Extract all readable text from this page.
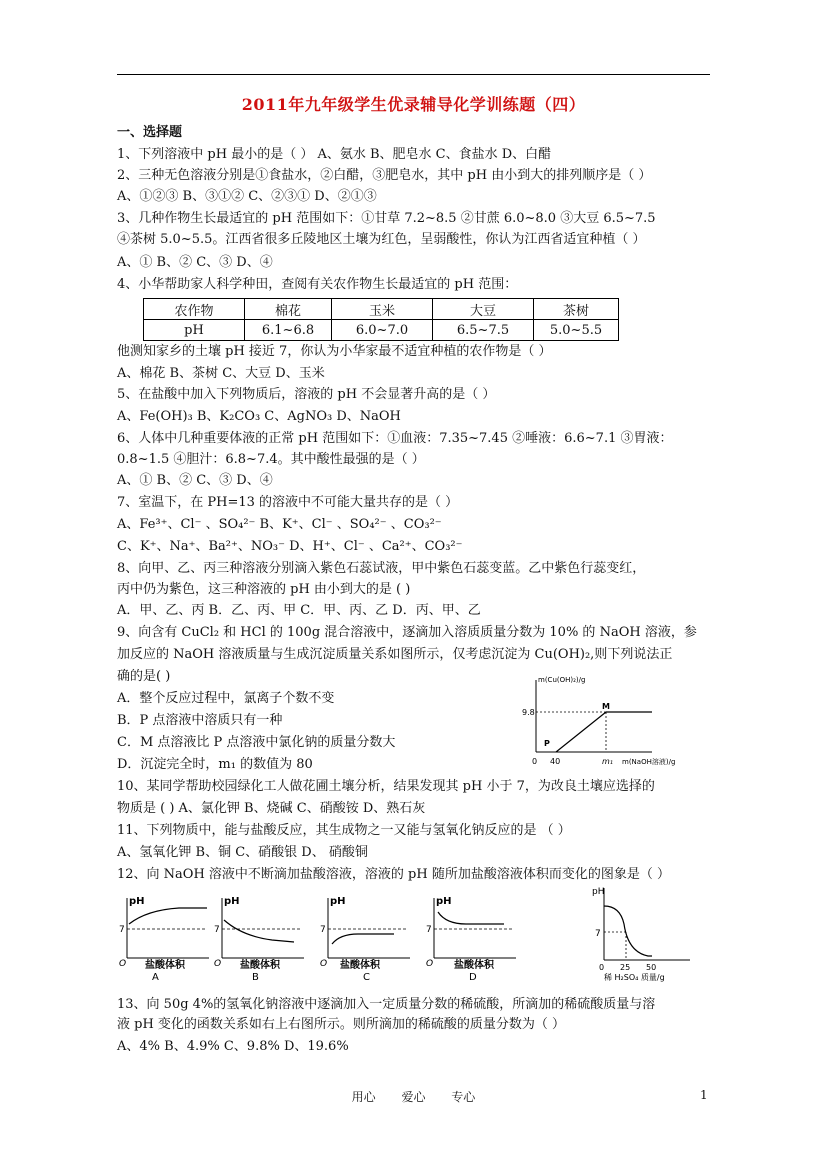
2011年九年级学生优录辅导化学训练题（四）
一、选择题
1、下列溶液中 pH 最小的是（ ） A、氨水 B、肥皂水 C、食盐水 D、白醋
2、三种无色溶液分别是①食盐水，②白醋，③肥皂水，其中 pH 由小到大的排列顺序是（ ）
A、①②③ B、③①② C、②③① D、②①③
3、几种作物生长最适宜的 pH 范围如下：①甘草 7.2~8.5 ②甘蔗 6.0~8.0 ③大豆 6.5~7.5
④茶树 5.0~5.5。江西省很多丘陵地区土壤为红色，呈弱酸性，你认为江西省适宜种植（ ）
A、① B、② C、③ D、④
4、小华帮助家人科学种田，查阅有关农作物生长最适宜的 pH 范围：
农作物	棉花	玉米	大豆	茶树
pH	6.1~6.8	6.0~7.0	6.5~7.5	5.0~5.5
他测知家乡的土壤 pH 接近 7，你认为小华家最不适宜种植的农作物是（ ）
A、棉花 B、茶树 C、大豆 D、玉米
5、在盐酸中加入下列物质后，溶液的 pH 不会显著升高的是（ ）
A、Fe(OH)₃ B、K₂CO₃ C、AgNO₃ D、NaOH
6、人体中几种重要体液的正常 pH 范围如下：①血液：7.35~7.45 ②唾液：6.6~7.1 ③胃液：
0.8~1.5 ④胆汁：6.8~7.4。其中酸性最强的是（ ）
A、① B、② C、③ D、④
7、室温下，在 PH=13 的溶液中不可能大量共存的是（ ）
A、Fe³⁺、Cl⁻ 、SO₄²⁻ B、K⁺、Cl⁻ 、SO₄²⁻ 、CO₃²⁻
C、K⁺、Na⁺、Ba²⁺、NO₃⁻ D、H⁺、Cl⁻ 、Ca²⁺、CO₃²⁻
8、向甲、乙、丙三种溶液分别滴入紫色石蕊试液，甲中紫色石蕊变蓝。乙中紫色行蕊变红，
丙中仍为紫色，这三种溶液的 pH 由小到大的是 ( )
A．甲、乙、丙 B．乙、丙、甲 C．甲、丙、乙 D．丙、甲、乙
9、向含有 CuCl₂ 和 HCl 的 100g 混合溶液中，逐滴加入溶质质量分数为 10% 的 NaOH 溶液，参
加反应的 NaOH 溶液质量与生成沉淀质量关系如图所示，仅考虑沉淀为 Cu(OH)₂,则下列说法正
确的是( )
A．整个反应过程中，氯离子个数不变
B．P 点溶液中溶质只有一种
C．M 点溶液比 P 点溶液中氯化钠的质量分数大
D．沉淀完全时，m₁ 的数值为 80
m(Cu(OH)₂)/g
9.8
P
M
0 40	m₁ m(NaOH溶液)/g
10、某同学帮助校园绿化工人做花圃土壤分析，结果发现其 pH 小于 7，为改良土壤应选择的
物质是 ( ) A、氯化钾 B、烧碱 C、硝酸铵 D、熟石灰
11、下列物质中，能与盐酸反应，其生成物之一又能与氢氧化钠反应的是 （ ）
A、氢氧化钾 B、铜 C、硝酸银 D、 硝酸铜
12、向 NaOH 溶液中不断滴加盐酸溶液，溶液的 pH 随所加盐酸溶液体积而变化的图象是（ ）
pH
7
O 盐酸体积
A
pH
7
O 盐酸体积
B
pH
7
O 盐酸体积
C
pH
7
O 盐酸体积
D
pH
7
0 25 50
稀 H₂SO₄ 质量/g
13、向 50g 4%的氢氧化钠溶液中逐滴加入一定质量分数的稀硫酸，所滴加的稀硫酸质量与溶
液 pH 变化的函数关系如右上右图所示。则所滴加的稀硫酸的质量分数为（ ）
A、4% B、4.9% C、9.8% D、19.6%
用心 爱心 专心	1
